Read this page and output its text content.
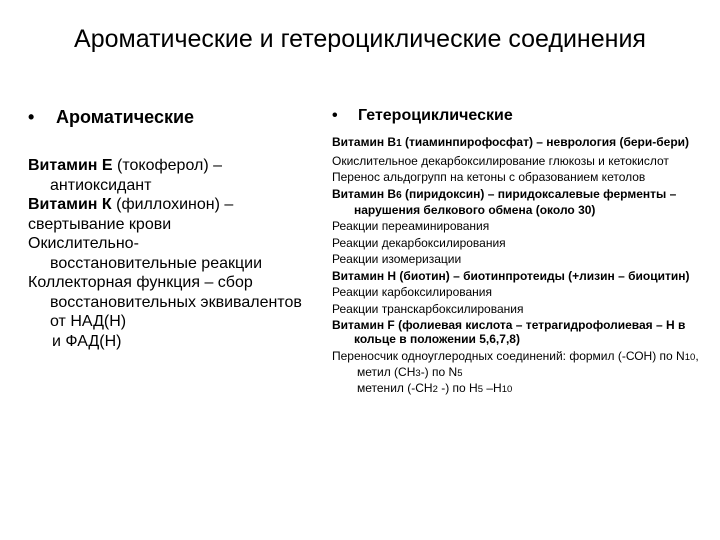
Ароматические и гетероциклические соединения
•	Ароматические
Витамин Е (токоферол) – антиоксидант
Витамин К (филлохинон) – свертывание крови
Окислительно-
восстановительные реакции
Коллекторная функция – сбор восстановительных эквивалентов от НАД(Н)
и ФАД(Н)
•	Гетероциклические

Витамин В1 (тиаминпирофосфат) – неврология (бери-бери)

Окислительное декарбоксилирование глюкозы и кетокислот

Перенос альдогрупп на кетоны с образованием кетолов

Витамин В6 (пиридоксин) – пиридоксалевые ферменты – нарушения белкового обмена (около 30)

Реакции переаминирования

Реакции декарбоксилирования

Реакции изомеризации

Витамин Н (биотин) – биотинпротеиды (+лизин – биоцитин)

Реакции карбоксилирования

Реакции транскарбоксилирования

Витамин F (фолиевая кислота – тетрагидрофолиевая – Н в кольце в положении 5,6,7,8)

Переносчик одноуглеродных соединений: формил (-СОН) по N10,
метил (СН3-) по N5
метенил (-СН2 -) по Н5 –Н10
